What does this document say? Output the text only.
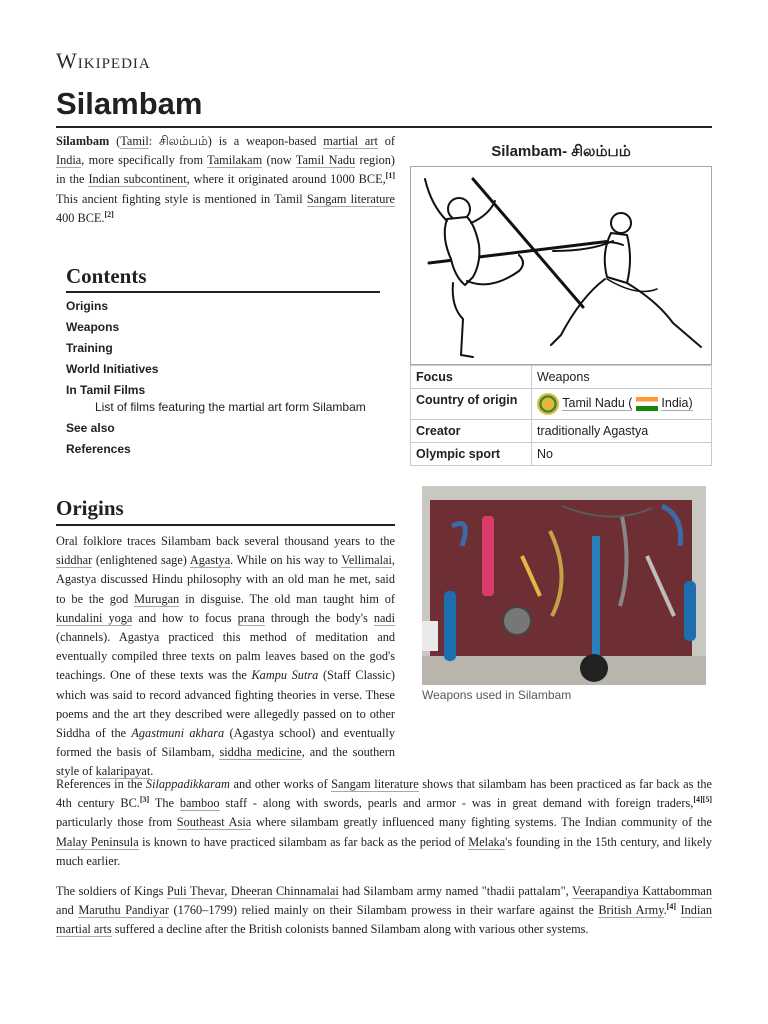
Wikipedia
Silambam

Silambam (Tamil: சிலம்பம்) is a weapon-based martial art of India, more specifically from Tamilakam (now Tamil Nadu region) in the Indian subcontinent, where it originated around 1000 BCE,[1] This ancient fighting style is mentioned in Tamil Sangam literature 400 BCE.[2]

Contents
Origins
Weapons
Training
World Initiatives
In Tamil Films
List of films featuring the martial art form Silambam
See also
References
Silambam- சிலம்பம்
Focus	Weapons
Country of origin	Tamil Nadu ( India)
Creator	traditionally Agastya
Olympic sport	No
Origins
Weapons used in Silambam

Oral folklore traces Silambam back several thousand years to the siddhar (enlightened sage) Agastya. While on his way to Vellimalai, Agastya discussed Hindu philosophy with an old man he met, said to be the god Murugan in disguise. The old man taught him of kundalini yoga and how to focus prana through the body's nadi (channels). Agastya practiced this method of meditation and eventually compiled three texts on palm leaves based on the god's teachings. One of these texts was the Kampu Sutra (Staff Classic) which was said to record advanced fighting theories in verse. These poems and the art they described were allegedly passed on to other Siddha of the Agastmuni akhara (Agastya school) and eventually formed the basis of Silambam, siddha medicine, and the southern style of kalaripayat.

References in the Silappadikkaram and other works of Sangam literature shows that silambam has been practiced as far back as the 4th century BC.[3] The bamboo staff - along with swords, pearls and armor - was in great demand with foreign traders,[4][5] particularly those from Southeast Asia where silambam greatly influenced many fighting systems. The Indian community of the Malay Peninsula is known to have practiced silambam as far back as the period of Melaka's founding in the 15th century, and likely much earlier.

The soldiers of Kings Puli Thevar, Dheeran Chinnamalai had Silambam army named "thadii pattalam", Veerapandiya Kattabomman and Maruthu Pandiyar (1760–1799) relied mainly on their Silambam prowess in their warfare against the British Army.[4] Indian martial arts suffered a decline after the British colonists banned Silambam along with various other systems.
